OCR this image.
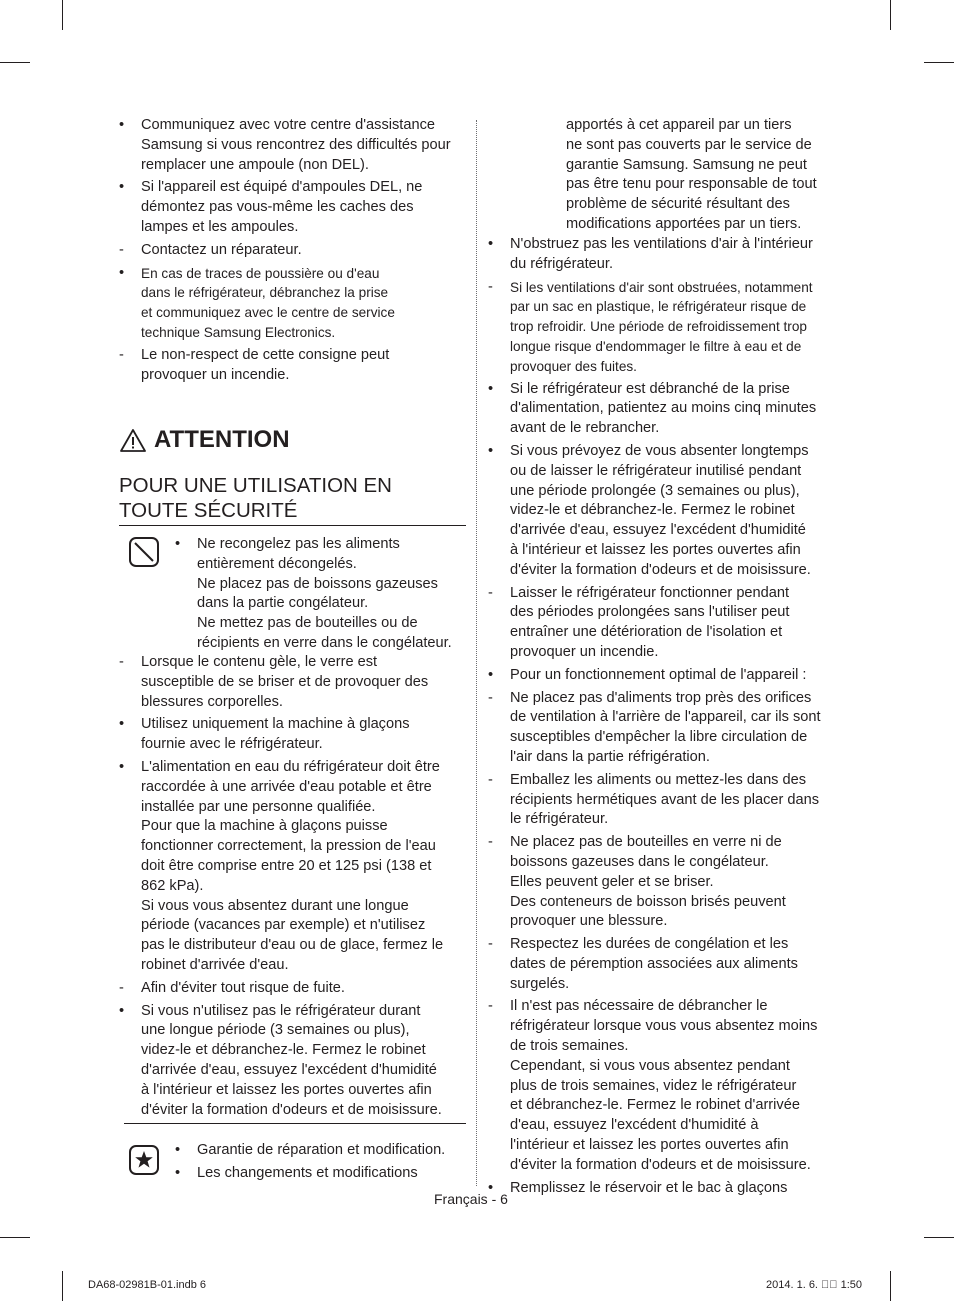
• Communiquez avec votre centre d'assistance
Samsung si vous rencontrez des difficultés pour
remplacer une ampoule (non DEL).
• Si l'appareil est équipé d'ampoules DEL, ne
démontez pas vous-même les caches des
lampes et les ampoules.
- Contactez un réparateur.
• En cas de traces de poussière ou d'eau
dans le réfrigérateur, débranchez la prise
et communiquez avec le centre de service
technique Samsung Electronics.
- Le non-respect de cette consigne peut
provoquer un incendie.
ATTENTION
POUR UNE UTILISATION EN
TOUTE SÉCURITÉ
• Ne recongelez pas les aliments
entièrement décongelés.
Ne placez pas de boissons gazeuses
dans la partie congélateur.
Ne mettez pas de bouteilles ou de
récipients en verre dans le congélateur.
- Lorsque le contenu gèle, le verre est
susceptible de se briser et de provoquer des
blessures corporelles.
• Utilisez uniquement la machine à glaçons
fournie avec le réfrigérateur.
• L'alimentation en eau du réfrigérateur doit être
raccordée à une arrivée d'eau potable et être
installée par une personne qualifiée.
Pour que la machine à glaçons puisse
fonctionner correctement, la pression de l'eau
doit être comprise entre 20 et 125 psi (138 et
862 kPa).
Si vous vous absentez durant une longue
période (vacances par exemple) et n'utilisez
pas le distributeur d'eau ou de glace, fermez le
robinet d'arrivée d'eau.
- Afin d'éviter tout risque de fuite.
• Si vous n'utilisez pas le réfrigérateur durant
une longue période (3 semaines ou plus),
videz-le et débranchez-le. Fermez le robinet
d'arrivée d'eau, essuyez l'excédent d'humidité
à l'intérieur et laissez les portes ouvertes afin
d'éviter la formation d'odeurs et de moisissure.
• Garantie de réparation et modification.
• Les changements et modifications
apportés à cet appareil par un tiers
ne sont pas couverts par le service de
garantie Samsung. Samsung ne peut
pas être tenu pour responsable de tout
problème de sécurité résultant des
modifications apportées par un tiers.
• N'obstruez pas les ventilations d'air à l'intérieur
du réfrigérateur.
- Si les ventilations d'air sont obstruées, notamment
par un sac en plastique, le réfrigérateur risque de
trop refroidir. Une période de refroidissement trop
longue risque d'endommager le filtre à eau et de
provoquer des fuites.
• Si le réfrigérateur est débranché de la prise
d'alimentation, patientez au moins cinq minutes
avant de le rebrancher.
• Si vous prévoyez de vous absenter longtemps
ou de laisser le réfrigérateur inutilisé pendant
une période prolongée (3 semaines ou plus),
videz-le et débranchez-le. Fermez le robinet
d'arrivée d'eau, essuyez l'excédent d'humidité
à l'intérieur et laissez les portes ouvertes afin
d'éviter la formation d'odeurs et de moisissure.
- Laisser le réfrigérateur fonctionner pendant
des périodes prolongées sans l'utiliser peut
entraîner une détérioration de l'isolation et
provoquer un incendie.
• Pour un fonctionnement optimal de l'appareil :
- Ne placez pas d'aliments trop près des orifices
de ventilation à l'arrière de l'appareil, car ils sont
susceptibles d'empêcher la libre circulation de
l'air dans la partie réfrigération.
- Emballez les aliments ou mettez-les dans des
récipients hermétiques avant de les placer dans
le réfrigérateur.
- Ne placez pas de bouteilles en verre ni de
boissons gazeuses dans le congélateur.
Elles peuvent geler et se briser.
Des conteneurs de boisson brisés peuvent
provoquer une blessure.
- Respectez les durées de congélation et les
dates de péremption associées aux aliments
surgelés.
- Il n'est pas nécessaire de débrancher le
réfrigérateur lorsque vous vous absentez moins
de trois semaines.
Cependant, si vous vous absentez pendant
plus de trois semaines, videz le réfrigérateur
et débranchez-le. Fermez le robinet d'arrivée
d'eau, essuyez l'excédent d'humidité à
l'intérieur et laissez les portes ouvertes afin
d'éviter la formation d'odeurs et de moisissure.
• Remplissez le réservoir et le bac à glaçons
Français - 6
DA68-02981B-01.indb 6	2014. 1. 6. ￿￿ 1:50
